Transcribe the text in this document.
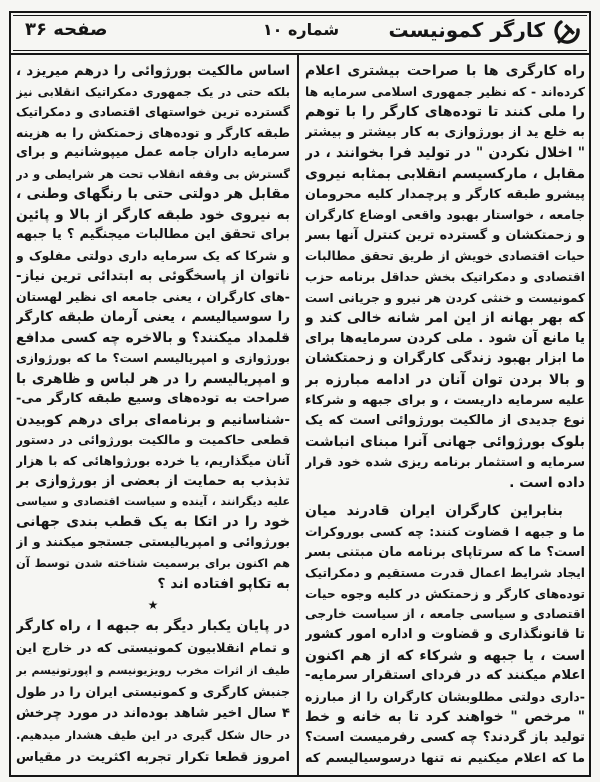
صفحه ۳۶	شماره ۱۰	کارگر کمونیست
راه کارگری ها با صراحت بیشتری اعلام
کرده‌اند - که نظیر جمهوری اسلامی سرمایه ها
را ملی کنند تا توده‌های کارگر را با توهم
به خلع ید از بورژوازی به کار بیشتر و بیشتر
" اخلال نکردن " در تولید فرا بخوانند ، در
مقابل ، مارکسیسم انقلابی بمثابه نیروی
پیشرو طبقه کارگر و پرچمدار کلیه محرومان
جامعه ، خواستار بهبود واقعی اوضاع کارگران
و زحمتکشان و گسترده ترین کنترل آنها بسر
حیات اقتصادی خویش از طریق تحقق مطالبات
اقتصادی و دمکراتیک بخش حداقل برنامه حزب
کمونیست و خنثی کردن هر نیرو و جریانی است
که بهر بهانه از این امر شانه خالی کند و
یا مانع آن شود . ملی کردن سرمایه‌ها برای
ما ابزار بهبود زندگی کارگران و زحمتکشان
و بالا بردن توان آنان در ادامه مبارزه بر
علیه سرمایه داریست ، و برای جبهه و شرکاء
نوع جدیدی از مالکیت بورژوائی است که یک
بلوک بورژوائی جهانی آنرا مبنای انباشت
سرمایه و استثمار برنامه ریزی شده خود قرار
داده است .
بنابراین کارگران ایران قادرند میان
ما و جبهه ا قضاوت کنند: چه کسی بوروکرات
است؟ ما که سرتاپای برنامه مان مبتنی بسر
ایجاد شرایط اعمال قدرت مستقیم و دمکراتیک
توده‌های کارگر و زحمتکش در کلیه وجوه حیات
اقتصادی و سیاسی جامعه ، از سیاست خارجی
تا قانونگذاری و قضاوت و اداره امور کشور
است ، یا جبهه و شرکاء که از هم اکنون
اعلام میکنند که در فردای استقرار سرمایه-
-داری دولتی مطلوبشان کارگران را از مبارزه
" مرخص " خواهند کرد تا به خانه و خط
تولید باز گردند؟ چه کسی رفرمیست است؟
ما که اعلام میکنیم نه تنها درسوسیالیسم که
اساس مالکیت بورژوائی را درهم میریزد ،
بلکه حتی در یک جمهوری دمکراتیک انقلابی نیز
گسترده ترین خواستهای اقتصادی و دمکراتیک
طبقه کارگر و توده‌های زحمتکش را به هزینه
سرمایه داران جامه عمل میپوشانیم و برای
گسترش بی وقفه انقلاب تحت هر شرایطی و در
مقابل هر دولتی حتی با رنگهای وطنی ،
به نیروی خود طبقه کارگر از بالا و پائین
برای تحقق این مطالبات میجنگیم ؟ یا جبهه
و شرکا که یک سرمایه داری دولتی مفلوک و
ناتوان از پاسخگوئی به ابتدائی ترین نیاز-
-های کارگران ، یعنی جامعه ای نظیر لهستان
را سوسیالیسم ، یعنی آرمان طبقه کارگر
قلمداد میکنند؟ و بالاخره چه کسی مدافع
بورژوازی و امپریالیسم است؟ ما که بورژوازی
و امپریالیسم را در هر لباس و ظاهری با
صراحت به توده‌های وسیع طبقه کارگر می-
-شناسانیم و برنامه‌ای برای درهم کوبیدن
قطعی حاکمیت و مالکیت بورژوائی در دستور
آنان میگذاریم، یا خرده بورژواهائی که با هزار
تذبذب به حمایت از بعضی از بورژوازی بر
علیه دیگرانند ، آینده و سیاست اقتصادی و سیاسی
خود را در اتکا به یک قطب بندی جهانی
بورژوائی و امپریالیستی جستجو میکنند و از
هم اکنون برای برسمیت شناخته شدن توسط آن
به تکاپو افتاده اند ؟
★
در پایان یکبار دیگر به جبهه ا ، راه کارگر
و تمام انقلابیون کمونیستی که در خارج این
طیف از اثرات مخرب رویزیونیسم و اپورتونیسم بر
جنبش کارگری و کمونیستی ایران را در طول
۴ سال اخیر شاهد بوده‌اند در مورد چرخش
در حال شکل گیری در این طیف هشدار میدهیم.
امروز قطعا تکرار تجربه اکثریت در مقیاس
